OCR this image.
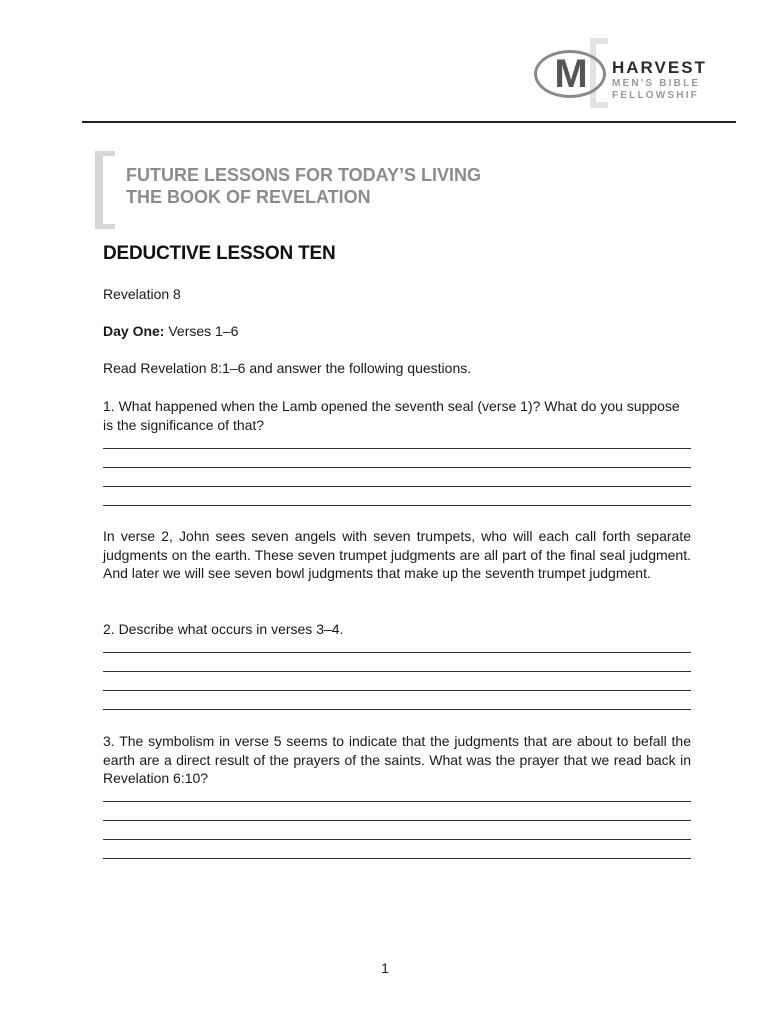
M	HARVEST
MEN'S BIBLE
FELLOWSHIF
FUTURE LESSONS FOR TODAY’S LIVING
THE BOOK OF REVELATION
DEDUCTIVE LESSON TEN
Revelation 8
Day One: Verses 1–6
Read Revelation 8:1–6 and answer the following questions.
1. What happened when the Lamb opened the seventh seal (verse 1)? What do you suppose is the significance of that?
In verse 2, John sees seven angels with seven trumpets, who will each call forth separate judgments on the earth. These seven trumpet judgments are all part of the final seal judgment. And later we will see seven bowl judgments that make up the seventh trumpet judgment.
2. Describe what occurs in verses 3–4.
3. The symbolism in verse 5 seems to indicate that the judgments that are about to befall the earth are a direct result of the prayers of the saints. What was the prayer that we read back in Revelation 6:10?
1
